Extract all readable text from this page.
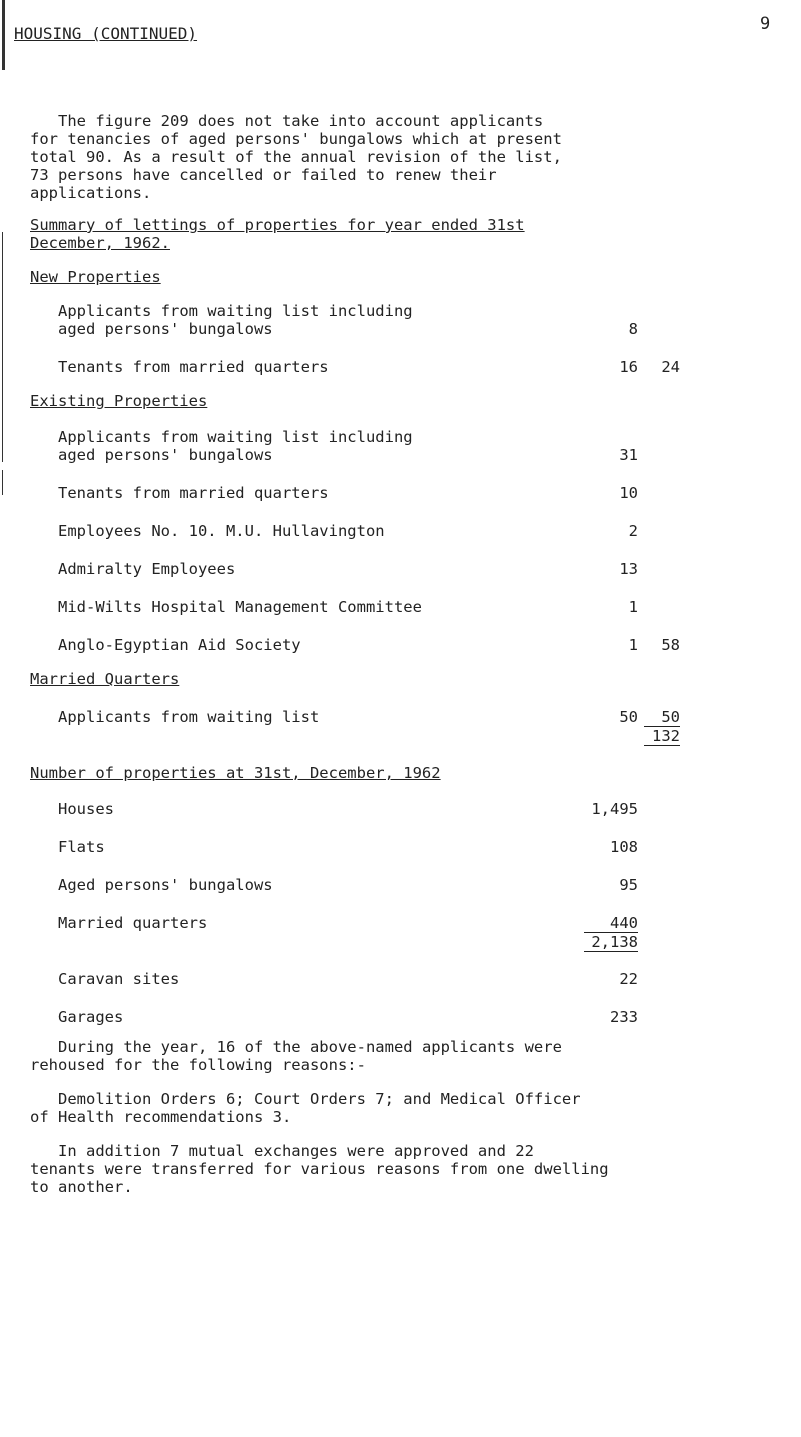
HOUSING (CONTINUED)	9
The figure 209 does not take into account applicants
for tenancies of aged persons' bungalows which at present
total 90. As a result of the annual revision of the list,
73 persons have cancelled or failed to renew their
applications.
Summary of lettings of properties for year ended 31st
December, 1962.
New Properties
Applicants from waiting list including
aged persons' bungalows	8
Tenants from married quarters	16	24
Existing Properties
Applicants from waiting list including
aged persons' bungalows	31
Tenants from married quarters	10
Employees No. 10. M.U. Hullavington	2
Admiralty Employees	13
Mid-Wilts Hospital Management Committee	1
Anglo-Egyptian Aid Society	1	58
Married Quarters
Applicants from waiting list	50	50
132
Number of properties at 31st, December, 1962
Houses	1,495
Flats	108
Aged persons' bungalows	95
Married quarters	440
2,138
Caravan sites	22
Garages	233
During the year, 16 of the above-named applicants were
rehoused for the following reasons:-
Demolition Orders 6; Court Orders 7; and Medical Officer
of Health recommendations 3.
In addition 7 mutual exchanges were approved and 22
tenants were transferred for various reasons from one dwelling
to another.
